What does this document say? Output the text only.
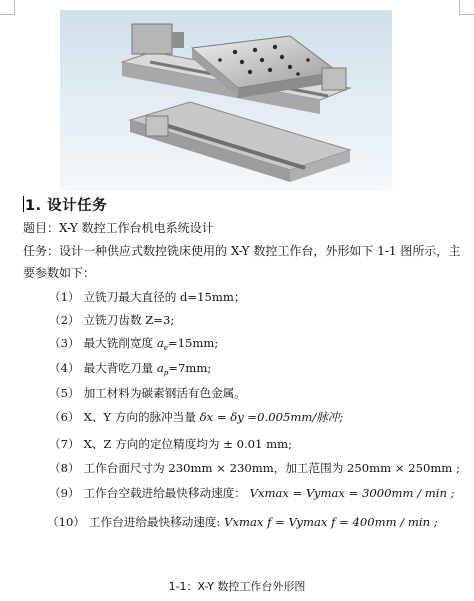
1. 设计任务
题目：X-Y 数控工作台机电系统设计
任务：设计一种供应式数控铣床使用的 X-Y 数控工作台，外形如下 1-1 图所示，主
要参数如下：
（1） 立铣刀最大直径的 d=15mm；
（2） 立铣刀齿数 Z=3;
（3） 最大铣削宽度 $a_e=15mm$;
（4） 最大背吃刀量 $a_p=7mm$;
（5） 加工材料为碳素钢活有色金属。
（6） X、Y 方向的脉冲当量 δx = δy =0.005mm/脉冲;
（7） X、Z 方向的定位精度均为 ± 0.01 mm;
（8） 工作台面尺寸为 230mm × 230mm，加工范围为 250mm × 250mm ;
（9） 工作台空载进给最快移动速度： Vxmax = Vymax = 3000mm / min ;
（10） 工作台进给最快移动速度: Vxmax f = Vymax f = 400mm / min ;
1-1：X-Y 数控工作台外形图
